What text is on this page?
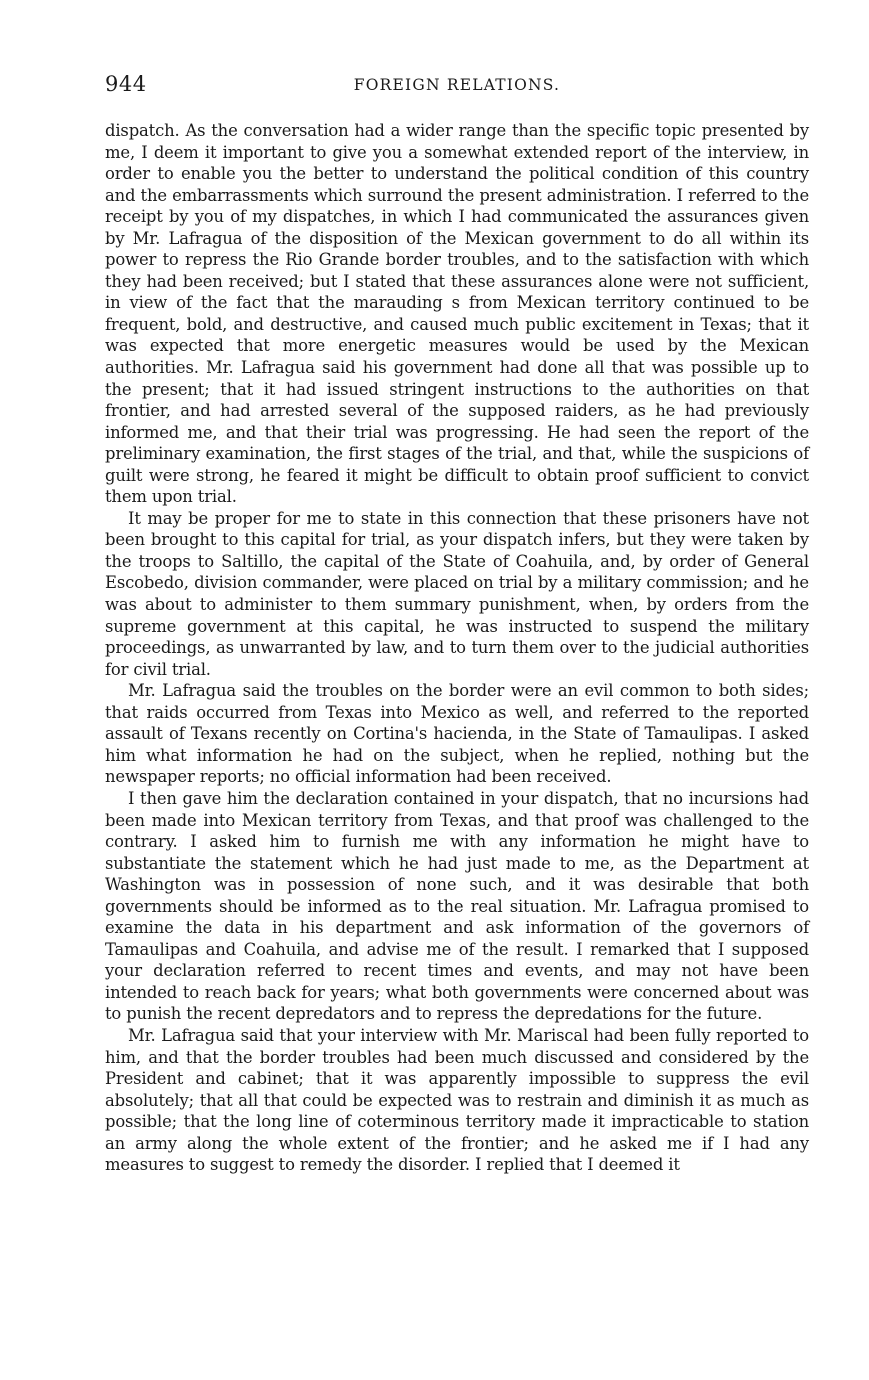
944	FOREIGN RELATIONS.

dispatch. As the conversation had a wider range than the specific topic presented by me, I deem it important to give you a somewhat extended report of the interview, in order to enable you the better to understand the political condition of this country and the embarrassments which surround the present administration. I referred to the receipt by you of my dispatches, in which I had communicated the assurances given by Mr. Lafragua of the disposition of the Mexican government to do all within its power to repress the Rio Grande border troubles, and to the satisfaction with which they had been received; but I stated that these assurances alone were not sufficient, in view of the fact that the marauding s from Mexican territory continued to be frequent, bold, and destructive, and caused much public excitement in Texas; that it was expected that more energetic measures would be used by the Mexican authorities. Mr. Lafragua said his government had done all that was possible up to the present; that it had issued stringent instructions to the authorities on that frontier, and had arrested several of the supposed raiders, as he had previously informed me, and that their trial was progressing. He had seen the report of the preliminary examination, the first stages of the trial, and that, while the suspicions of guilt were strong, he feared it might be difficult to obtain proof sufficient to convict them upon trial.

It may be proper for me to state in this connection that these prisoners have not been brought to this capital for trial, as your dispatch infers, but they were taken by the troops to Saltillo, the capital of the State of Coahuila, and, by order of General Escobedo, division commander, were placed on trial by a military commission; and he was about to administer to them summary punishment, when, by orders from the supreme government at this capital, he was instructed to suspend the military proceedings, as unwarranted by law, and to turn them over to the judicial authorities for civil trial.

Mr. Lafragua said the troubles on the border were an evil common to both sides; that raids occurred from Texas into Mexico as well, and referred to the reported assault of Texans recently on Cortina's hacienda, in the State of Tamaulipas. I asked him what information he had on the subject, when he replied, nothing but the newspaper reports; no official information had been received.

I then gave him the declaration contained in your dispatch, that no incursions had been made into Mexican territory from Texas, and that proof was challenged to the contrary. I asked him to furnish me with any information he might have to substantiate the statement which he had just made to me, as the Department at Washington was in possession of none such, and it was desirable that both governments should be informed as to the real situation. Mr. Lafragua promised to examine the data in his department and ask information of the governors of Tamaulipas and Coahuila, and advise me of the result. I remarked that I supposed your declaration referred to recent times and events, and may not have been intended to reach back for years; what both governments were concerned about was to punish the recent depredators and to repress the depredations for the future.

Mr. Lafragua said that your interview with Mr. Mariscal had been fully reported to him, and that the border troubles had been much discussed and considered by the President and cabinet; that it was apparently impossible to suppress the evil absolutely; that all that could be expected was to restrain and diminish it as much as possible; that the long line of coterminous territory made it impracticable to station an army along the whole extent of the frontier; and he asked me if I had any measures to suggest to remedy the disorder. I replied that I deemed it
